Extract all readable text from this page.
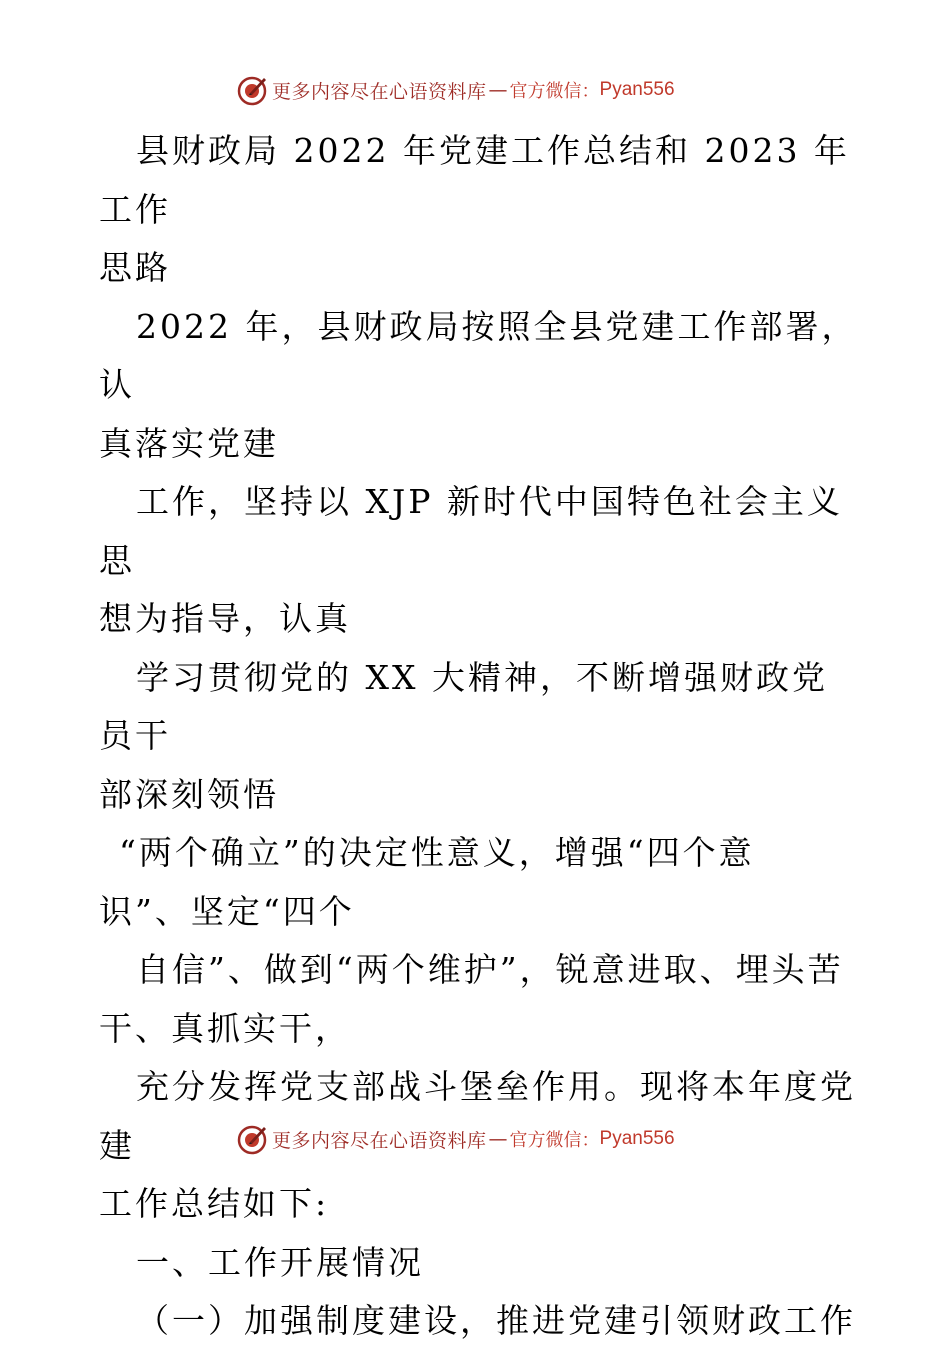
更多内容尽在心语资料库 — 官方微信： Pyan556

县财政局 2022 年党建工作总结和 2023 年工作

思路

2022 年，县财政局按照全县党建工作部署，认

真落实党建

工作，坚持以 XJP 新时代中国特色社会主义思

想为指导，认真

学习贯彻党的 XX 大精神，不断增强财政党员干

部深刻领悟

“两个确立”的决定性意义，增强“四个意

识”、坚定“四个

自信”、做到“两个维护”，锐意进取、埋头苦

干、真抓实干，

充分发挥党支部战斗堡垒作用。现将本年度党建

工作总结如下:

一、工作开展情况

（一）加强制度建设，推进党建引领财政工作

更多内容尽在心语资料库 — 官方微信： Pyan556
